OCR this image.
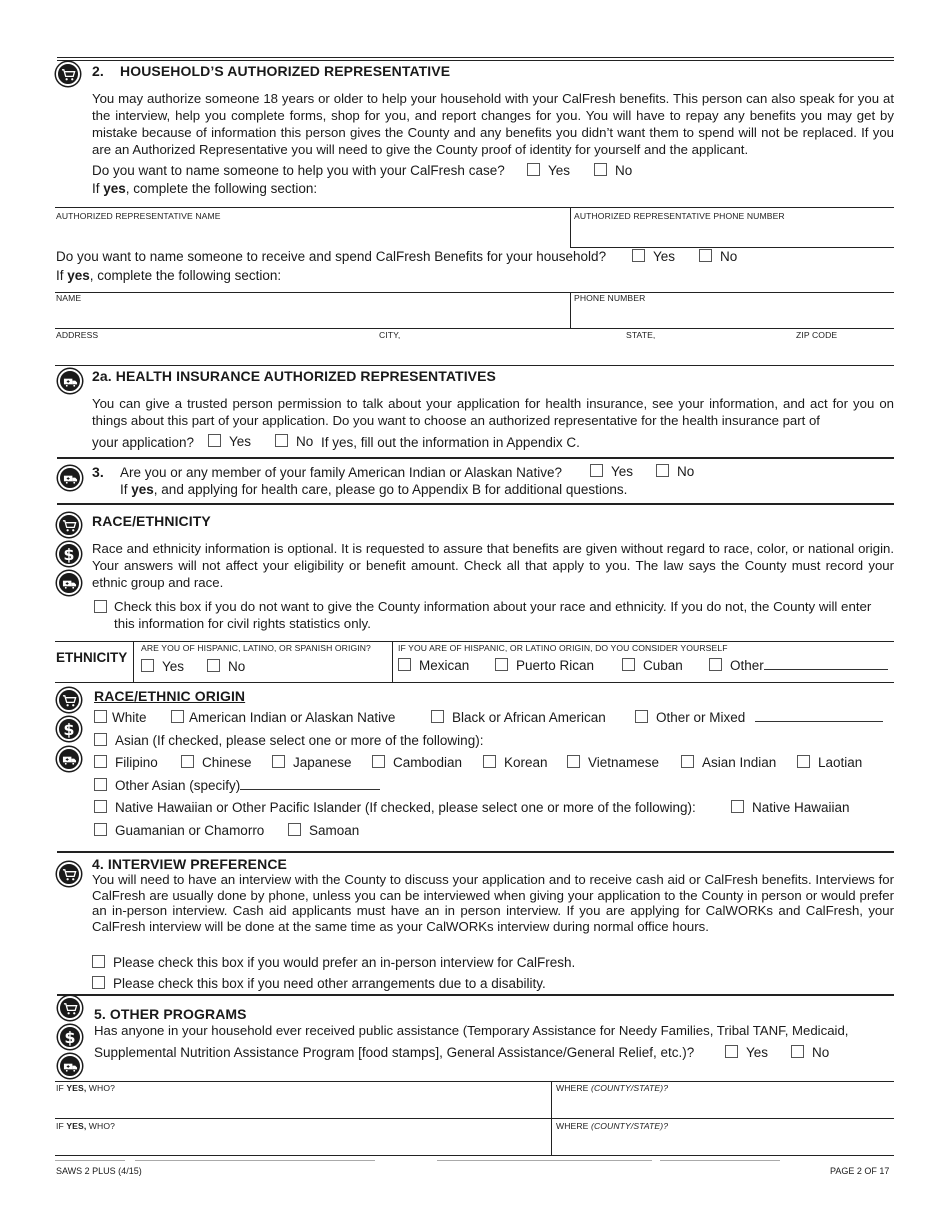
2. HOUSEHOLD’S AUTHORIZED REPRESENTATIVE

You may authorize someone 18 years or older to help your household with your CalFresh benefits. This person can also speak for you at the interview, help you complete forms, shop for you, and report changes for you. You will have to repay any benefits you may get by mistake because of information this person gives the County and any benefits you didn’t want them to spend will not be replaced. If you are an Authorized Representative you will need to give the County proof of identity for yourself and the applicant.

Do you want to name someone to help you with your CalFresh case?	Yes	No
If yes, complete the following section:
AUTHORIZED REPRESENTATIVE NAME	AUTHORIZED REPRESENTATIVE PHONE NUMBER
Do you want to name someone to receive and spend CalFresh Benefits for your household?	Yes	No
If yes, complete the following section:
NAME	PHONE NUMBER
ADDRESS	CITY,	STATE,	ZIP CODE
2a. HEALTH INSURANCE AUTHORIZED REPRESENTATIVES

You can give a trusted person permission to talk about your application for health insurance, see your information, and act for you on things about this part of your application. Do you want to choose an authorized representative for the health insurance part of

your application?	Yes	No If yes, fill out the information in Appendix C.
3. Are you or any member of your family American Indian or Alaskan Native?	Yes	No
If yes, and applying for health care, please go to Appendix B for additional questions.
$
RACE/ETHNICITY

Race and ethnicity information is optional. It is requested to assure that benefits are given without regard to race, color, or national origin. Your answers will not affect your eligibility or benefit amount. Check all that apply to you. The law says the County must record your ethnic group and race.

Check this box if you do not want to give the County information about your race and ethnicity. If you do not, the County will enter this information for civil rights statistics only.

ETHNICITY
ARE YOU OF HISPANIC, LATINO, OR SPANISH ORIGIN?
Yes	No
IF YOU ARE OF HISPANIC, OR LATINO ORIGIN, DO YOU CONSIDER YOURSELF
Mexican	Puerto Rican	Cuban	Other
$
RACE/ETHNIC ORIGIN
White	American Indian or Alaskan Native	Black or African American	Other or Mixed
Asian (If checked, please select one or more of the following):
Filipino	Chinese	Japanese	Cambodian	Korean	Vietnamese	Asian Indian	Laotian
Other Asian (specify)
Native Hawaiian or Other Pacific Islander (If checked, please select one or more of the following):	Native Hawaiian
Guamanian or Chamorro	Samoan
4. INTERVIEW PREFERENCE

You will need to have an interview with the County to discuss your application and to receive cash aid or CalFresh benefits. Interviews for CalFresh are usually done by phone, unless you can be interviewed when giving your application to the County in person or would prefer an in-person interview. Cash aid applicants must have an in person interview. If you are applying for CalWORKs and CalFresh, your CalFresh interview will be done at the same time as your CalWORKs interview during normal office hours.

Please check this box if you would prefer an in-person interview for CalFresh.
Please check this box if you need other arrangements due to a disability.
$
5. OTHER PROGRAMS

Has anyone in your household ever received public assistance (Temporary Assistance for Needy Families, Tribal TANF, Medicaid,

Supplemental Nutrition Assistance Program [food stamps], General Assistance/General Relief, etc.)?	Yes	No
IF YES, WHO?	WHERE (COUNTY/STATE)?
IF YES, WHO?	WHERE (COUNTY/STATE)?
SAWS 2 PLUS (4/15)	PAGE 2 OF 17
